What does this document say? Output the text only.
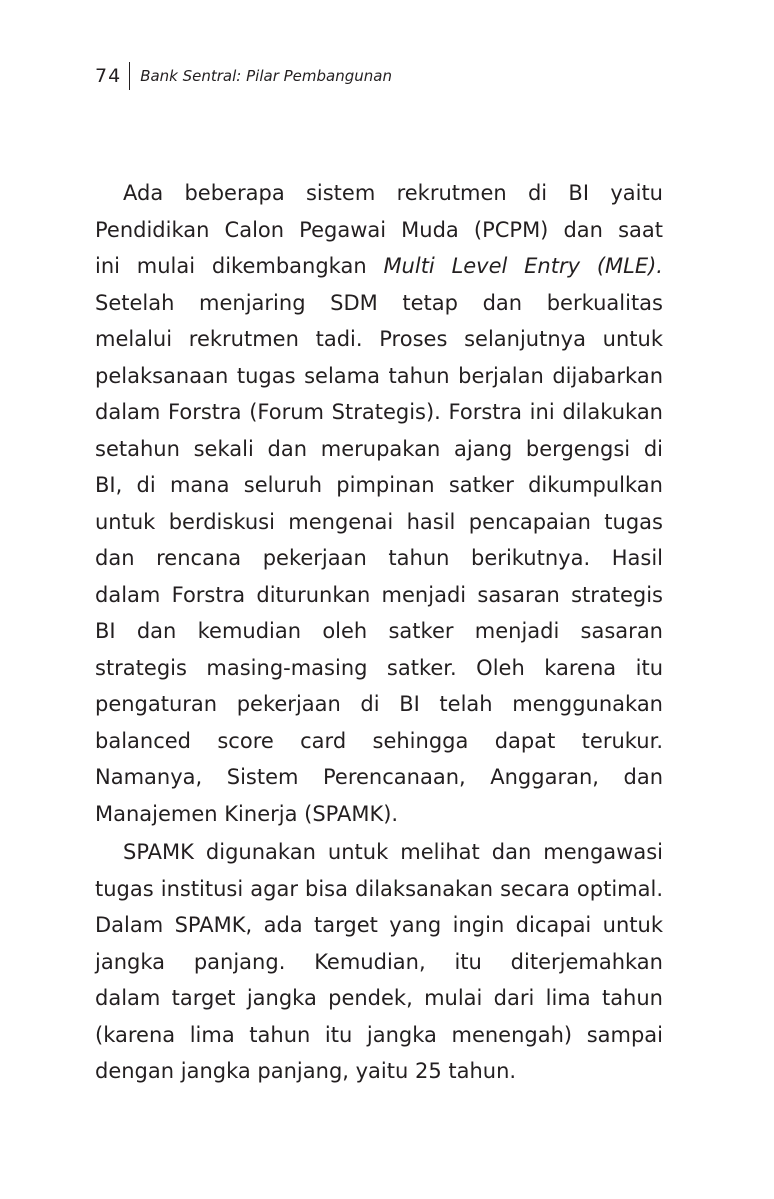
74	Bank Sentral: Pilar Pembangunan
Ada beberapa sistem rekrutmen di BI yaitu
Pendidikan Calon Pegawai Muda (PCPM) dan saat
ini mulai dikembangkan Multi Level Entry (MLE).
Setelah menjaring SDM tetap dan berkualitas
melalui rekrutmen tadi. Proses selanjutnya untuk
pelaksanaan tugas selama tahun berjalan dijabarkan
dalam Forstra (Forum Strategis). Forstra ini dilakukan
setahun sekali dan merupakan ajang bergengsi di
BI, di mana seluruh pimpinan satker dikumpulkan
untuk berdiskusi mengenai hasil pencapaian tugas
dan rencana pekerjaan tahun berikutnya. Hasil
dalam Forstra diturunkan menjadi sasaran strategis
BI dan kemudian oleh satker menjadi sasaran
strategis masing-masing satker. Oleh karena itu
pengaturan pekerjaan di BI telah menggunakan
balanced score card sehingga dapat terukur.
Namanya, Sistem Perencanaan, Anggaran, dan
Manajemen Kinerja (SPAMK).
SPAMK digunakan untuk melihat dan mengawasi
tugas institusi agar bisa dilaksanakan secara optimal.
Dalam SPAMK, ada target yang ingin dicapai untuk
jangka panjang. Kemudian, itu diterjemahkan
dalam target jangka pendek, mulai dari lima tahun
(karena lima tahun itu jangka menengah) sampai
dengan jangka panjang, yaitu 25 tahun.
